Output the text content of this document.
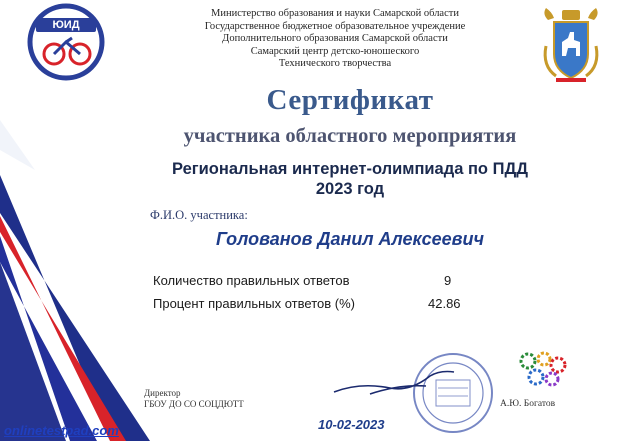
ЮИД
Министерство образования и науки Самарской области
Государственное бюджетное образовательное учреждение
Дополнительного образования Самарской области
Самарский центр детско-юношеского
Технического творчества
Сертификат
участника областного мероприятия
Региональная интернет-олимпиада по ПДД
2023 год
Ф.И.О. участника:
Голованов Данил Алексеевич
Количество правильных ответов	9
Процент правильных ответов (%)	42.86
Директор
ГБОУ ДО СО СОЦДЮТТ	А.Ю. Богатов
10-02-2023
onlinetestpad.com
